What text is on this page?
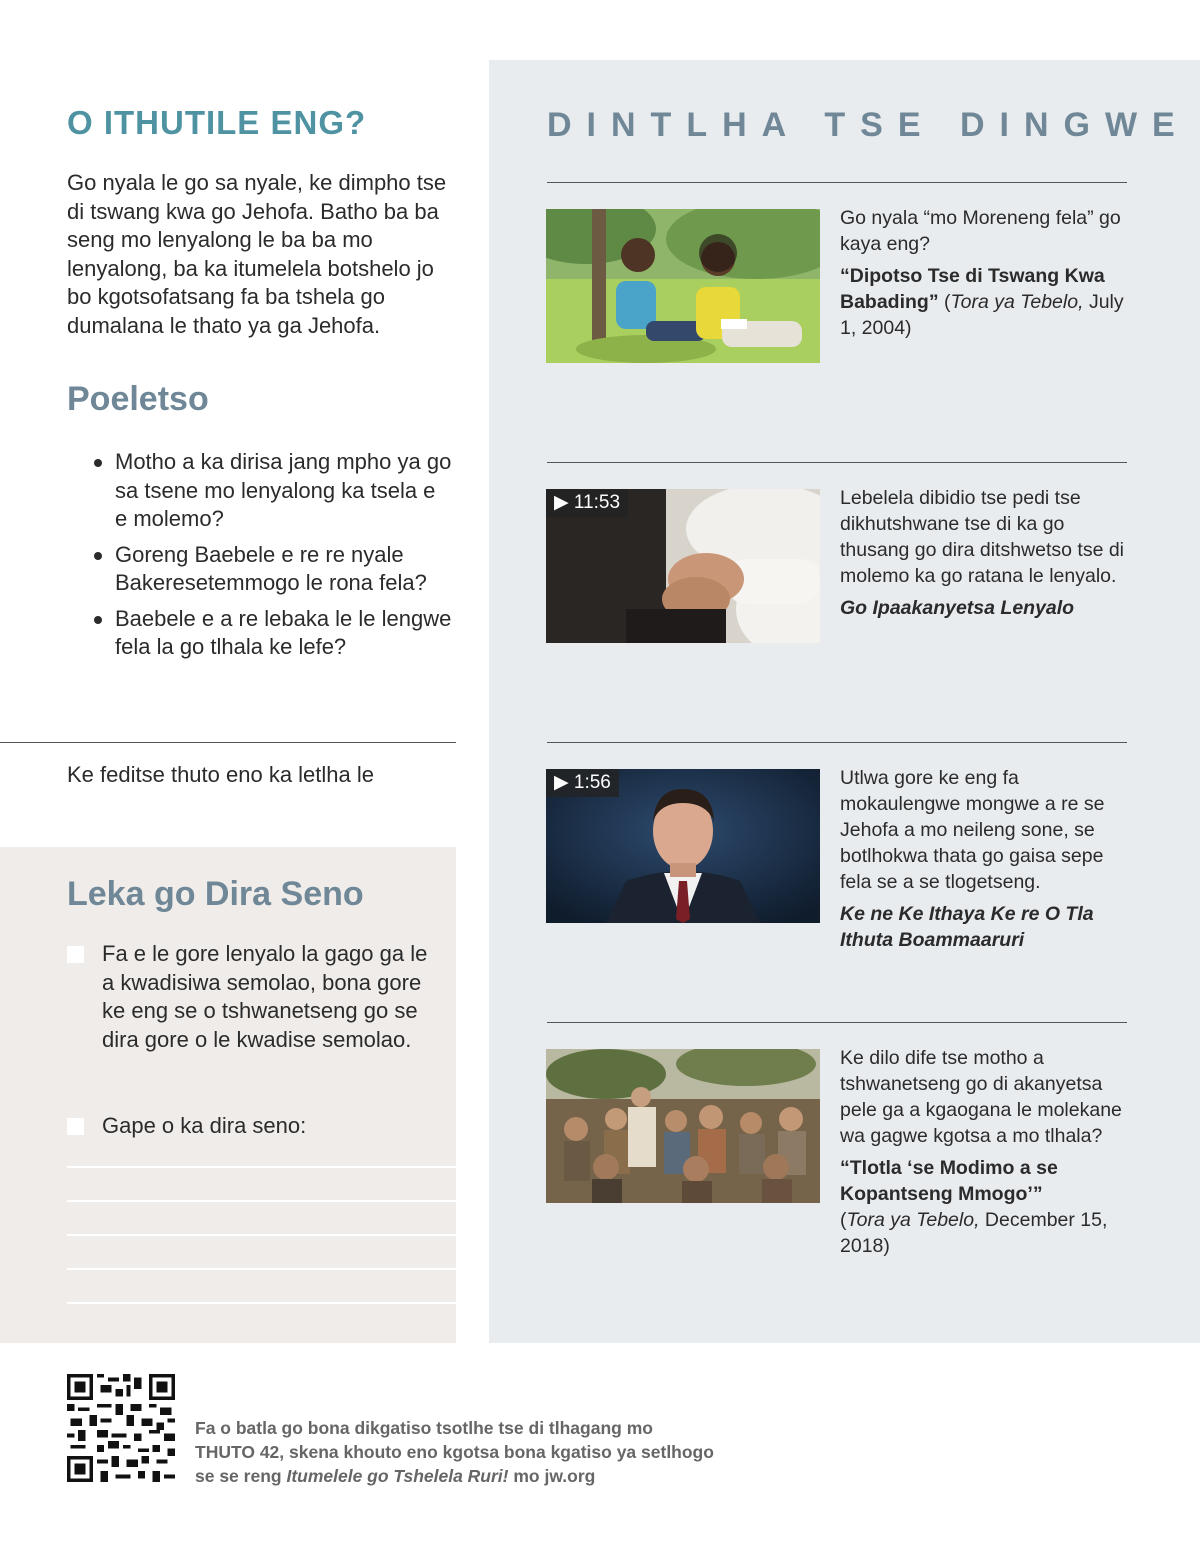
O ITHUTILE ENG?

Go nyala le go sa nyale, ke dimpho tse di tswang kwa go Jehofa. Batho ba ba seng mo lenyalong le ba ba mo lenyalong, ba ka itumelela botshelo jo bo kgotsofatsang fa ba tshela go dumalana le thato ya ga Jehofa.

Poeletso
Motho a ka dirisa jang mpho ya go sa tsene mo lenyalong ka tsela e e molemo?
Goreng Baebele e re re nyale Bakeresetemmogo le rona fela?
Baebele e a re lebaka le le lengwe fela la go tlhala ke lefe?

Ke feditse thuto eno ka letlha le

Leka go Dira Seno
Fa e le gore lenyalo la gago ga le a kwadisiwa semolao, bona gore ke eng se o tshwanetseng go se dira gore o le kwadise semolao.
Gape o ka dira seno:
DINTLHA TSE DINGWE

Go nyala “mo Moreneng fela” go kaya eng?

“Dipotso Tse di Tswang Kwa Babading” (Tora ya Tebelo, July 1, 2004)

▶ 11:53	Lebelela dibidio tse pedi tse dikhutshwane tse di ka go thusang go dira ditshwetso tse di molemo ka go ratana le lenyalo.

Go Ipaakanyetsa Lenyalo

▶ 1:56	Utlwa gore ke eng fa mokaulengwe mongwe a re se Jehofa a mo neileng sone, se botlhokwa thata go gaisa sepe fela se a se tlogetseng.

Ke ne Ke Ithaya Ke re O Tla Ithuta Boammaaruri

Ke dilo dife tse motho a tshwanetseng go di akanyetsa pele ga a kgaogana le molekane wa gagwe kgotsa a mo tlhala?

“Tlotla ‘se Modimo a se Kopantseng Mmogo’”
(Tora ya Tebelo, December 15, 2018)

Fa o batla go bona dikgatiso tsotlhe tse di tlhagang mo THUTO 42, skena khouto eno kgotsa bona kgatiso ya setlhogo se se reng Itumelele go Tshelela Ruri! mo jw.org
